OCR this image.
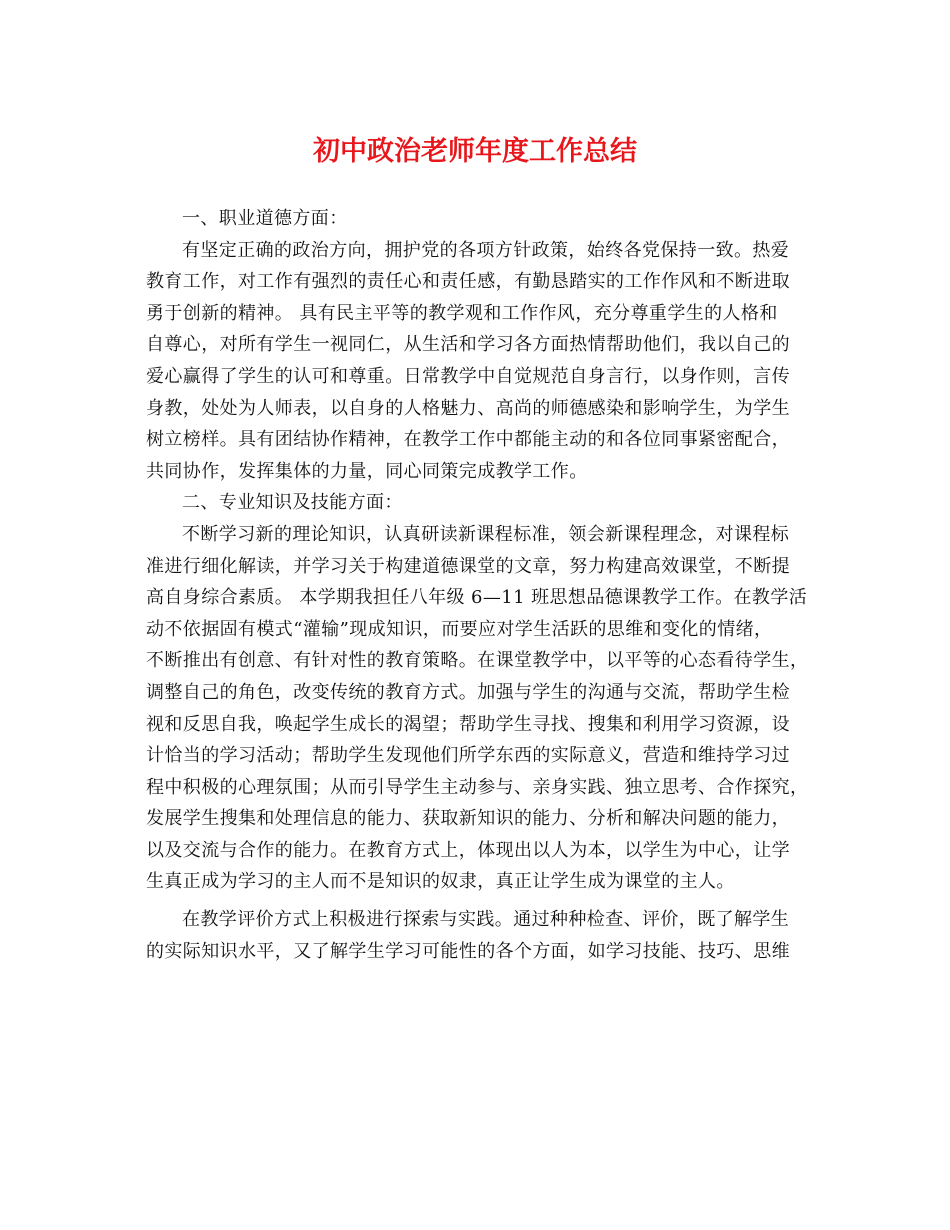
初中政治老师年度工作总结
一、职业道德方面：
有坚定正确的政治方向，拥护党的各项方针政策，始终各党保持一致。热爱
教育工作，对工作有强烈的责任心和责任感，有勤恳踏实的工作作风和不断进取
勇于创新的精神。 具有民主平等的教学观和工作作风，充分尊重学生的人格和
自尊心，对所有学生一视同仁，从生活和学习各方面热情帮助他们，我以自己的
爱心赢得了学生的认可和尊重。日常教学中自觉规范自身言行，以身作则，言传
身教，处处为人师表，以自身的人格魅力、高尚的师德感染和影响学生，为学生
树立榜样。具有团结协作精神，在教学工作中都能主动的和各位同事紧密配合，
共同协作，发挥集体的力量，同心同策完成教学工作。
二、专业知识及技能方面：
不断学习新的理论知识，认真研读新课程标准，领会新课程理念，对课程标
准进行细化解读，并学习关于构建道德课堂的文章，努力构建高效课堂，不断提
高自身综合素质。 本学期我担任八年级 6—11 班思想品德课教学工作。在教学活
动不依据固有模式“灌输”现成知识，而要应对学生活跃的思维和变化的情绪，
不断推出有创意、有针对性的教育策略。在课堂教学中，以平等的心态看待学生，
调整自己的角色，改变传统的教育方式。加强与学生的沟通与交流，帮助学生检
视和反思自我，唤起学生成长的渴望；帮助学生寻找、搜集和利用学习资源，设
计恰当的学习活动；帮助学生发现他们所学东西的实际意义，营造和维持学习过
程中积极的心理氛围；从而引导学生主动参与、亲身实践、独立思考、合作探究，
发展学生搜集和处理信息的能力、获取新知识的能力、分析和解决问题的能力，
以及交流与合作的能力。在教育方式上，体现出以人为本，以学生为中心，让学
生真正成为学习的主人而不是知识的奴隶，真正让学生成为课堂的主人。
在教学评价方式上积极进行探索与实践。通过种种检查、评价，既了解学生
的实际知识水平，又了解学生学习可能性的各个方面，如学习技能、技巧、思维
